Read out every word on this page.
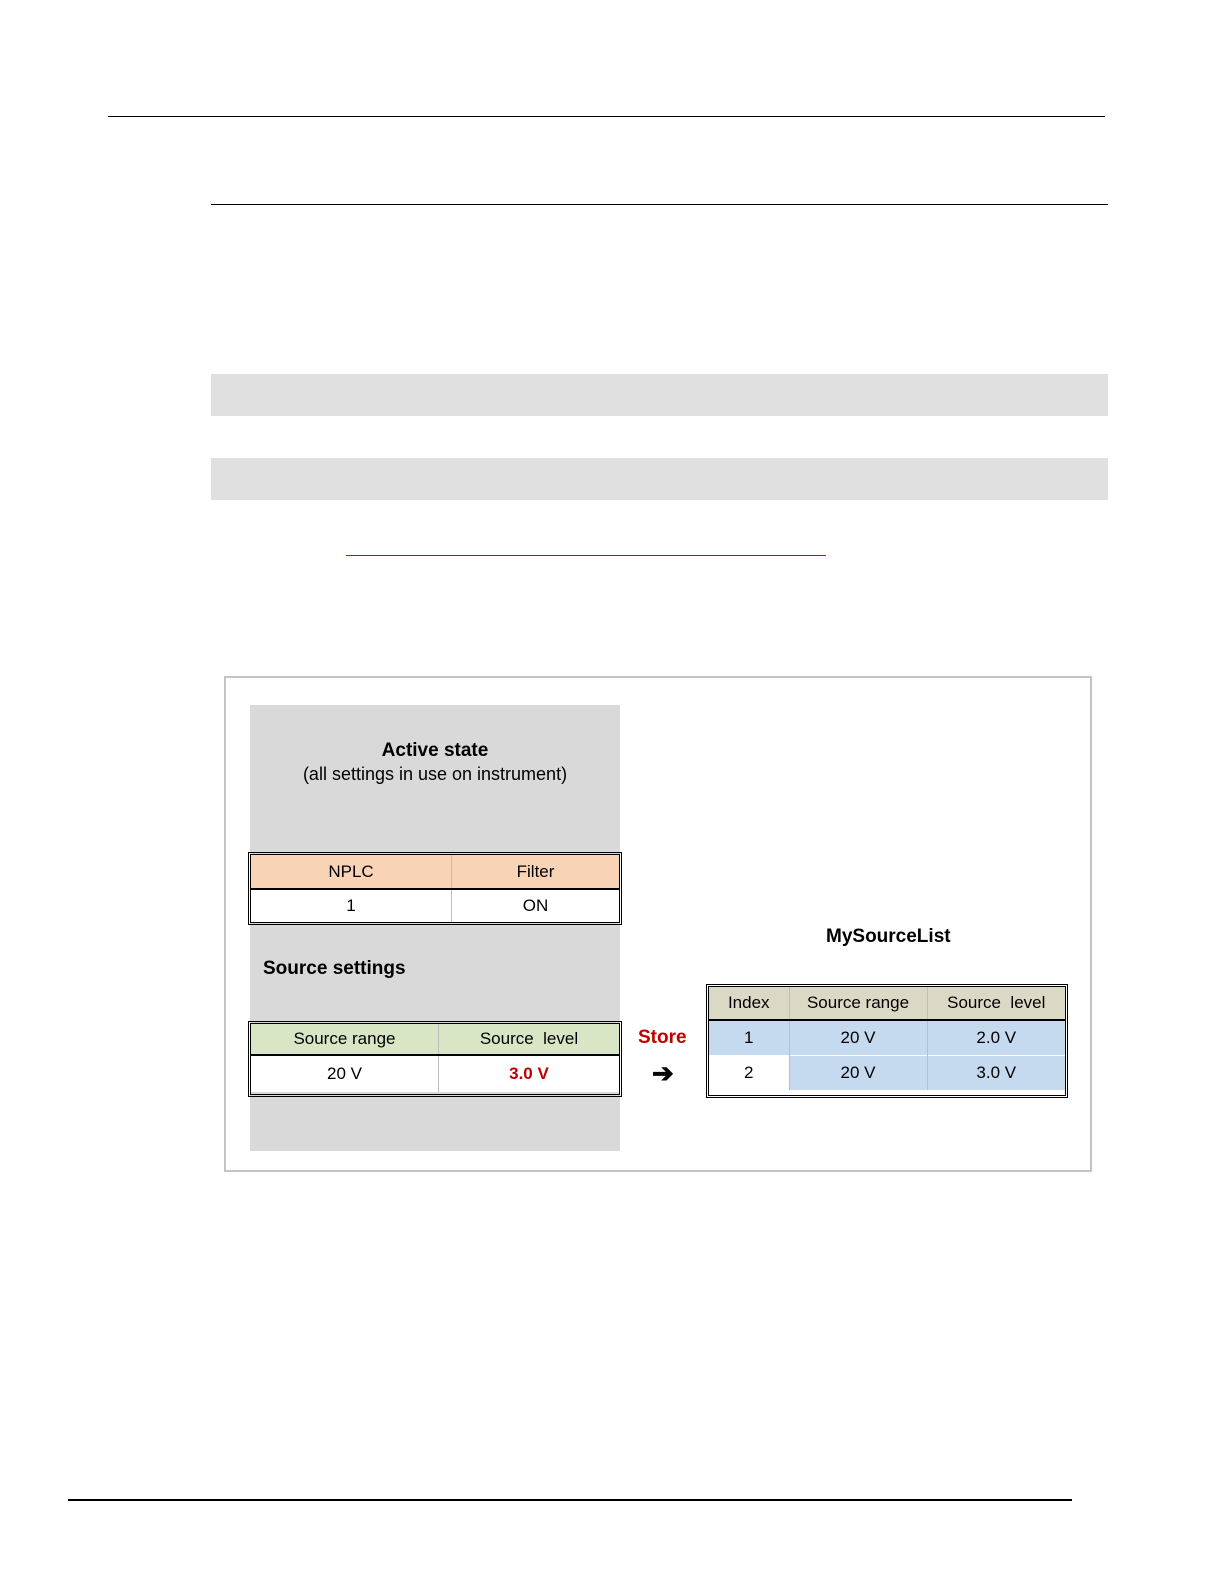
Active state
(all settings in use on instrument)
NPLC	Filter
1	ON
Source settings
Source range	Source  level
20 V	3.0 V
Store
➔
MySourceList
Index	Source range	Source  level
1	20 V	2.0 V
2	20 V	3.0 V
